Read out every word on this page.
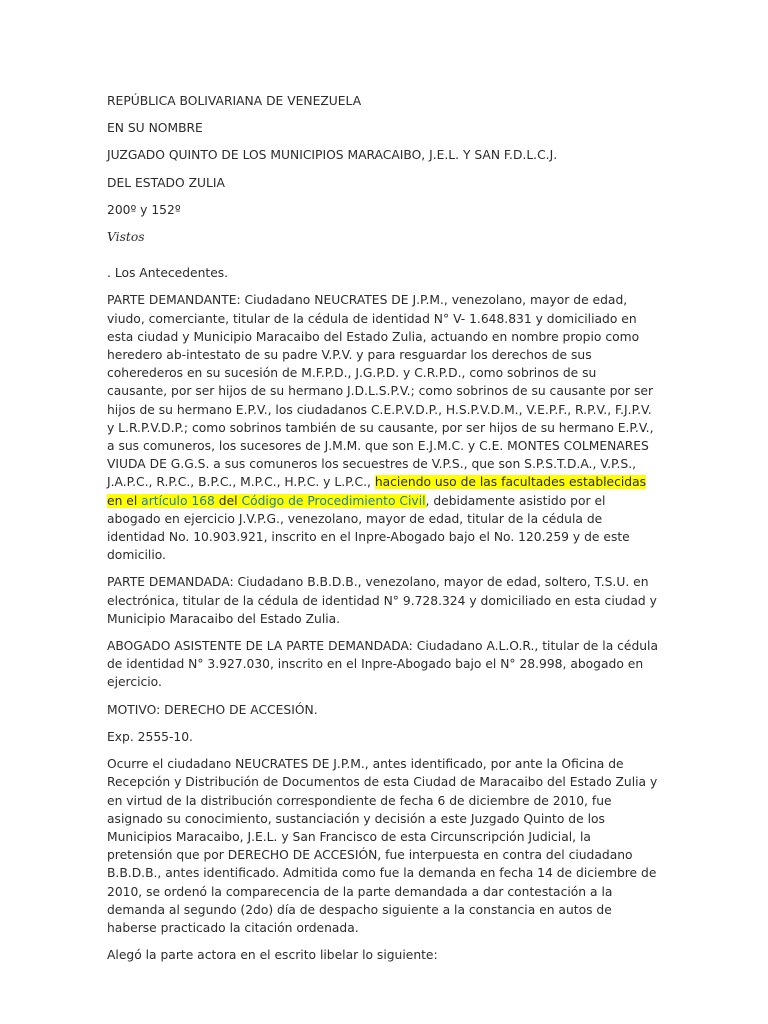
REPÚBLICA BOLIVARIANA DE VENEZUELA
EN SU NOMBRE
JUZGADO QUINTO DE LOS MUNICIPIOS MARACAIBO, J.E.L. Y SAN F.D.L.C.J.
DEL ESTADO ZULIA
200º y 152º
Vistos
. Los Antecedentes.
PARTE DEMANDANTE: Ciudadano NEUCRATES DE J.P.M., venezolano, mayor de edad, viudo, comerciante, titular de la cédula de identidad N° V- 1.648.831 y domiciliado en esta ciudad y Municipio Maracaibo del Estado Zulia, actuando en nombre propio como heredero ab-intestato de su padre V.P.V. y para resguardar los derechos de sus coherederos en su sucesión de M.F.P.D., J.G.P.D. y C.R.P.D., como sobrinos de su causante, por ser hijos de su hermano J.D.L.S.P.V.; como sobrinos de su causante por ser hijos de su hermano E.P.V., los ciudadanos C.E.P.V.D.P., H.S.P.V.D.M., V.E.P.F., R.P.V., F.J.P.V. y L.R.P.V.D.P.; como sobrinos también de su causante, por ser hijos de su hermano E.P.V., a sus comuneros, los sucesores de J.M.M. que son E.J.M.C. y C.E. MONTES COLMENARES VIUDA DE G.G.S. a sus comuneros los secuestres de V.P.S., que son S.P.S.T.D.A., V.P.S., J.A.P.C., R.P.C., B.P.C., M.P.C., H.P.C. y L.P.C., haciendo uso de las facultades establecidas en el artículo 168 del Código de Procedimiento Civil, debidamente asistido por el abogado en ejercicio J.V.P.G., venezolano, mayor de edad, titular de la cédula de identidad No. 10.903.921, inscrito en el Inpre-Abogado bajo el No. 120.259 y de este domicilio.
PARTE DEMANDADA: Ciudadano B.B.D.B., venezolano, mayor de edad, soltero, T.S.U. en electrónica, titular de la cédula de identidad N° 9.728.324 y domiciliado en esta ciudad y Municipio Maracaibo del Estado Zulia.
ABOGADO ASISTENTE DE LA PARTE DEMANDADA: Ciudadano A.L.O.R., titular de la cédula de identidad N° 3.927.030, inscrito en el Inpre-Abogado bajo el N° 28.998, abogado en ejercicio.
MOTIVO: DERECHO DE ACCESIÓN.
Exp. 2555-10.
Ocurre el ciudadano NEUCRATES DE J.P.M., antes identificado, por ante la Oficina de Recepción y Distribución de Documentos de esta Ciudad de Maracaibo del Estado Zulia y en virtud de la distribución correspondiente de fecha 6 de diciembre de 2010, fue asignado su conocimiento, sustanciación y decisión a este Juzgado Quinto de los Municipios Maracaibo, J.E.L. y San Francisco de esta Circunscripción Judicial, la pretensión que por DERECHO DE ACCESIÓN, fue interpuesta en contra del ciudadano B.B.D.B., antes identificado. Admitida como fue la demanda en fecha 14 de diciembre de 2010, se ordenó la comparecencia de la parte demandada a dar contestación a la demanda al segundo (2do) día de despacho siguiente a la constancia en autos de haberse practicado la citación ordenada.
Alegó la parte actora en el escrito libelar lo siguiente:
